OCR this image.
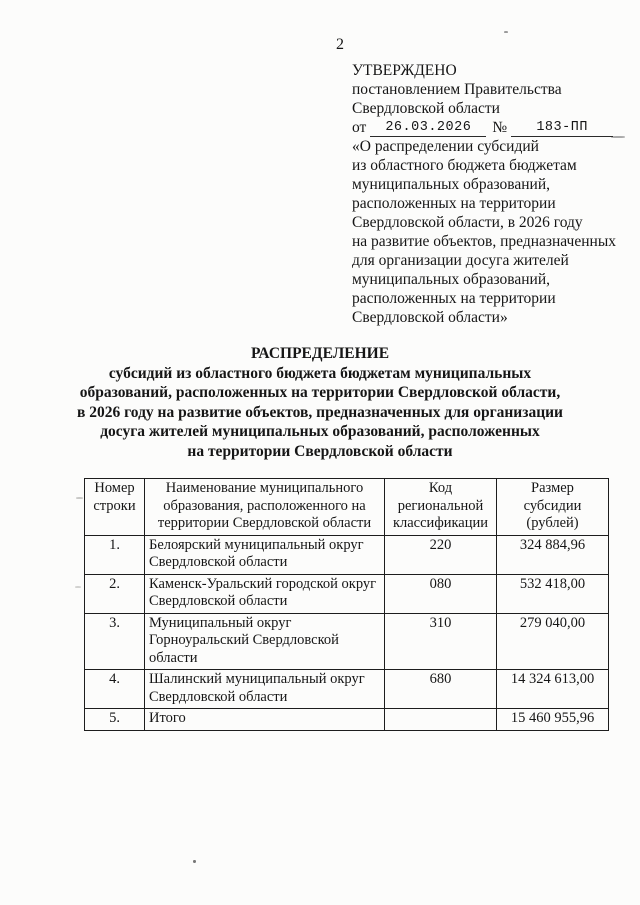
2
УТВЕРЖДЕНО
постановлением Правительства
Свердловской области
от	26.03.2026	№	183-ПП
«О распределении субсидий
из областного бюджета бюджетам
муниципальных образований,
расположенных на территории
Свердловской области, в 2026 году
на развитие объектов, предназначенных
для организации досуга жителей
муниципальных образований,
расположенных на территории
Свердловской области»
РАСПРЕДЕЛЕНИЕ
субсидий из областного бюджета бюджетам муниципальных
образований, расположенных на территории Свердловской области,
в 2026 году на развитие объектов, предназначенных для организации
досуга жителей муниципальных образований, расположенных
на территории Свердловской области
Номер строки	Наименование муниципального образования, расположенного на территории Свердловской области	Код региональной классификации	Размер субсидии (рублей)
1.	Белоярский муниципальный округ Свердловской области	220	324 884,96
2.	Каменск-Уральский городской округ Свердловской области	080	532 418,00
3.	Муниципальный округ Горноуральский Свердловской области	310	279 040,00
4.	Шалинский муниципальный округ Свердловской области	680	14 324 613,00
5.	Итого		15 460 955,96
